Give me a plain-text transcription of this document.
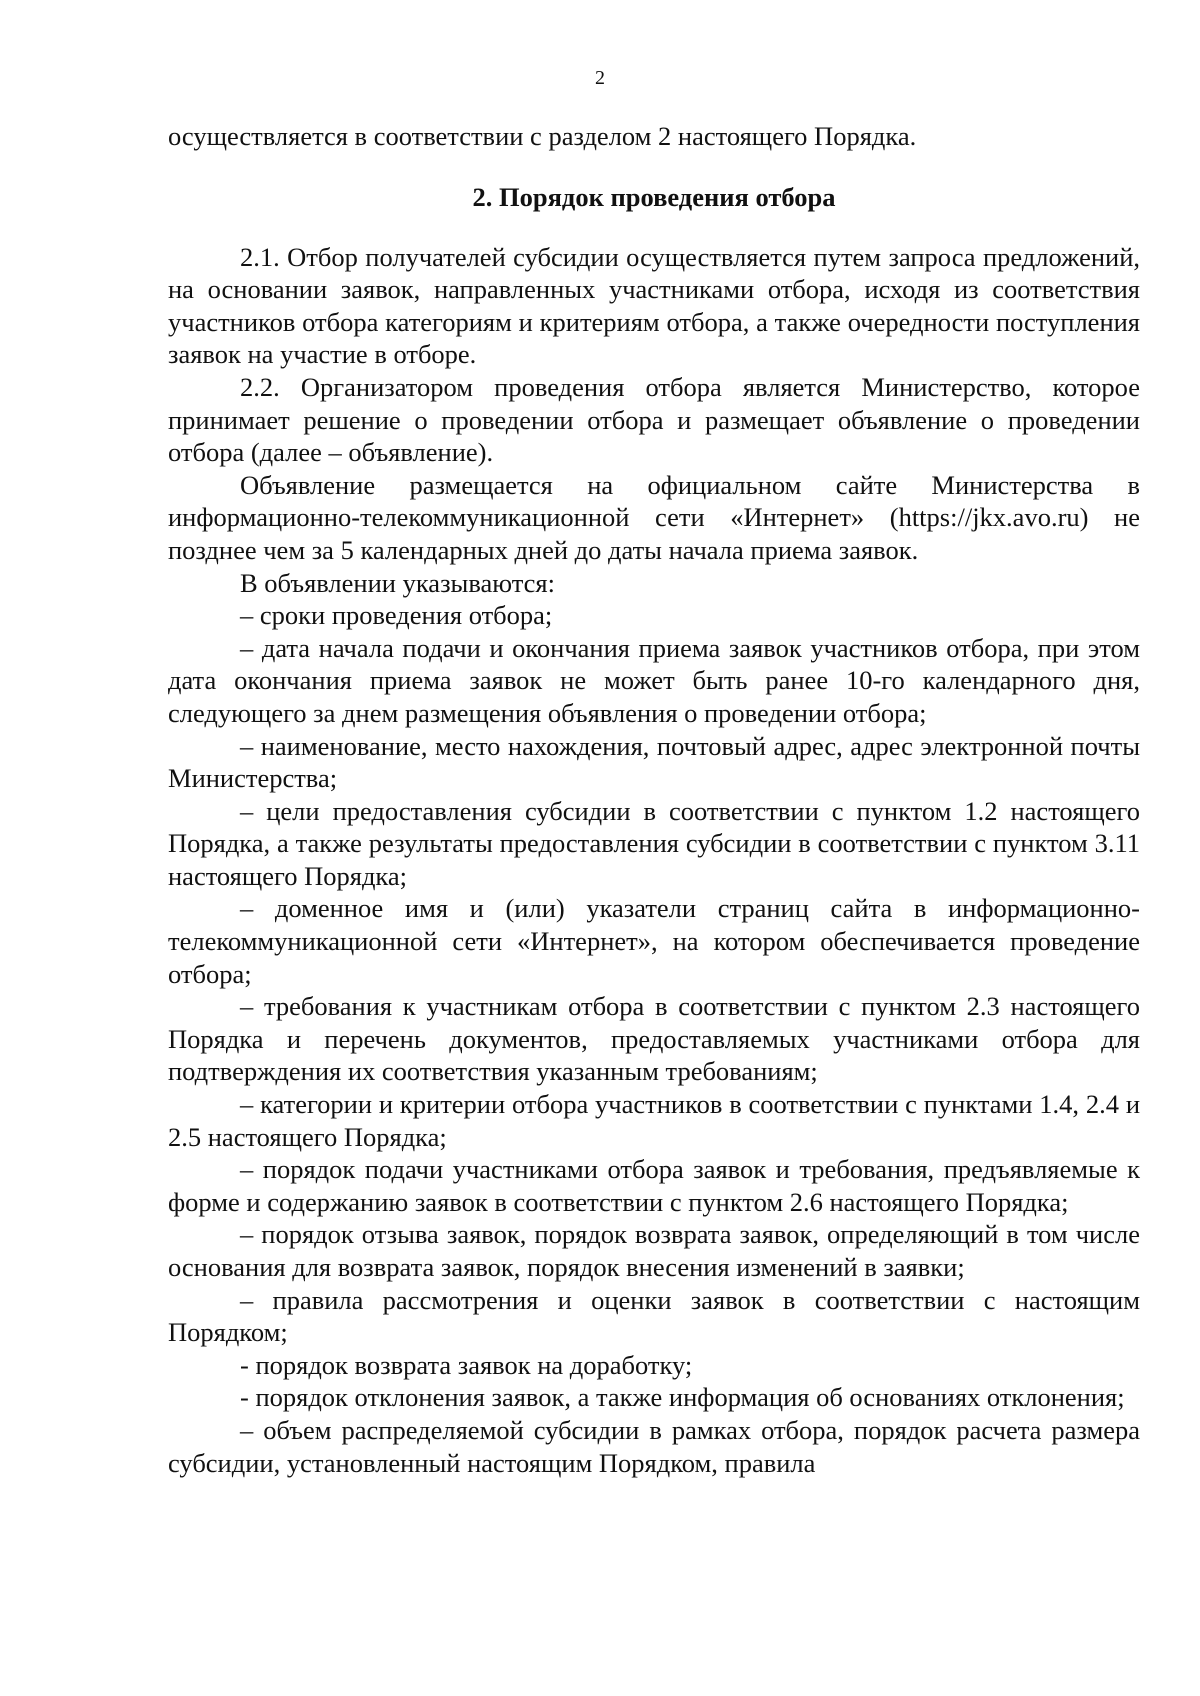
2

осуществляется в соответствии с разделом 2 настоящего Порядка.

2. Порядок проведения отбора

2.1. Отбор получателей субсидии осуществляется путем запроса предложений, на основании заявок, направленных участниками отбора, исходя из соответствия участников отбора категориям и критериям отбора, а также очередности поступления заявок на участие в отборе.

2.2. Организатором проведения отбора является Министерство, которое принимает решение о проведении отбора и размещает объявление о проведении отбора (далее – объявление).

Объявление размещается на официальном сайте Министерства в информационно-телекоммуникационной сети «Интернет» (https://jkx.avo.ru) не позднее чем за 5 календарных дней до даты начала приема заявок.

В объявлении указываются:

– сроки проведения отбора;

– дата начала подачи и окончания приема заявок участников отбора, при этом дата окончания приема заявок не может быть ранее 10-го календарного дня, следующего за днем размещения объявления о проведении отбора;

– наименование, место нахождения, почтовый адрес, адрес электронной почты Министерства;

– цели предоставления субсидии в соответствии с пунктом 1.2 настоящего Порядка, а также результаты предоставления субсидии в соответствии с пунктом 3.11 настоящего Порядка;

– доменное имя и (или) указатели страниц сайта в информационно-телекоммуникационной сети «Интернет», на котором обеспечивается проведение отбора;

– требования к участникам отбора в соответствии с пунктом 2.3 настоящего Порядка и перечень документов, предоставляемых участниками отбора для подтверждения их соответствия указанным требованиям;

– категории и критерии отбора участников в соответствии с пунктами 1.4, 2.4 и 2.5 настоящего Порядка;

– порядок подачи участниками отбора заявок и требования, предъявляемые к форме и содержанию заявок в соответствии с пунктом 2.6 настоящего Порядка;

– порядок отзыва заявок, порядок возврата заявок, определяющий в том числе основания для возврата заявок, порядок внесения изменений в заявки;

– правила рассмотрения и оценки заявок в соответствии с настоящим Порядком;

- порядок возврата заявок на доработку;

- порядок отклонения заявок, а также информация об основаниях отклонения;

– объем распределяемой субсидии в рамках отбора, порядок расчета размера субсидии, установленный настоящим Порядком, правила
